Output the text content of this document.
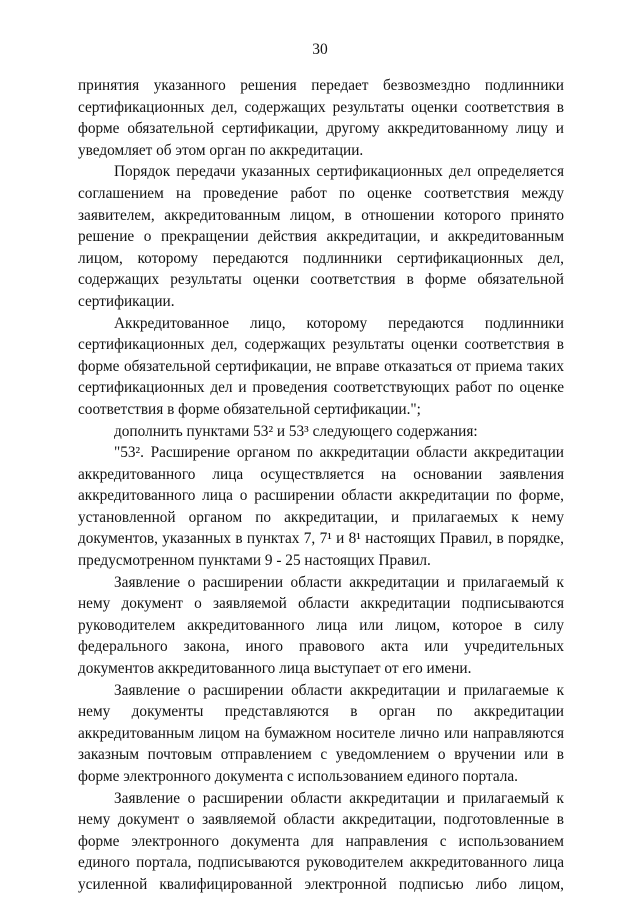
30

принятия указанного решения передает безвозмездно подлинники сертификационных дел, содержащих результаты оценки соответствия в форме обязательной сертификации, другому аккредитованному лицу и уведомляет об этом орган по аккредитации.

Порядок передачи указанных сертификационных дел определяется соглашением на проведение работ по оценке соответствия между заявителем, аккредитованным лицом, в отношении которого принято решение о прекращении действия аккредитации, и аккредитованным лицом, которому передаются подлинники сертификационных дел, содержащих результаты оценки соответствия в форме обязательной сертификации.

Аккредитованное лицо, которому передаются подлинники сертификационных дел, содержащих результаты оценки соответствия в форме обязательной сертификации, не вправе отказаться от приема таких сертификационных дел и проведения соответствующих работ по оценке соответствия в форме обязательной сертификации.";

дополнить пунктами 53² и 53³ следующего содержания:

"53². Расширение органом по аккредитации области аккредитации аккредитованного лица осуществляется на основании заявления аккредитованного лица о расширении области аккредитации по форме, установленной органом по аккредитации, и прилагаемых к нему документов, указанных в пунктах 7, 7¹ и 8¹ настоящих Правил, в порядке, предусмотренном пунктами 9 - 25 настоящих Правил.

Заявление о расширении области аккредитации и прилагаемый к нему документ о заявляемой области аккредитации подписываются руководителем аккредитованного лица или лицом, которое в силу федерального закона, иного правового акта или учредительных документов аккредитованного лица выступает от его имени.

Заявление о расширении области аккредитации и прилагаемые к нему документы представляются в орган по аккредитации аккредитованным лицом на бумажном носителе лично или направляются заказным почтовым отправлением с уведомлением о вручении или в форме электронного документа с использованием единого портала.

Заявление о расширении области аккредитации и прилагаемый к нему документ о заявляемой области аккредитации, подготовленные в форме электронного документа для направления с использованием единого портала, подписываются руководителем аккредитованного лица усиленной квалифицированной электронной подписью либо лицом,
